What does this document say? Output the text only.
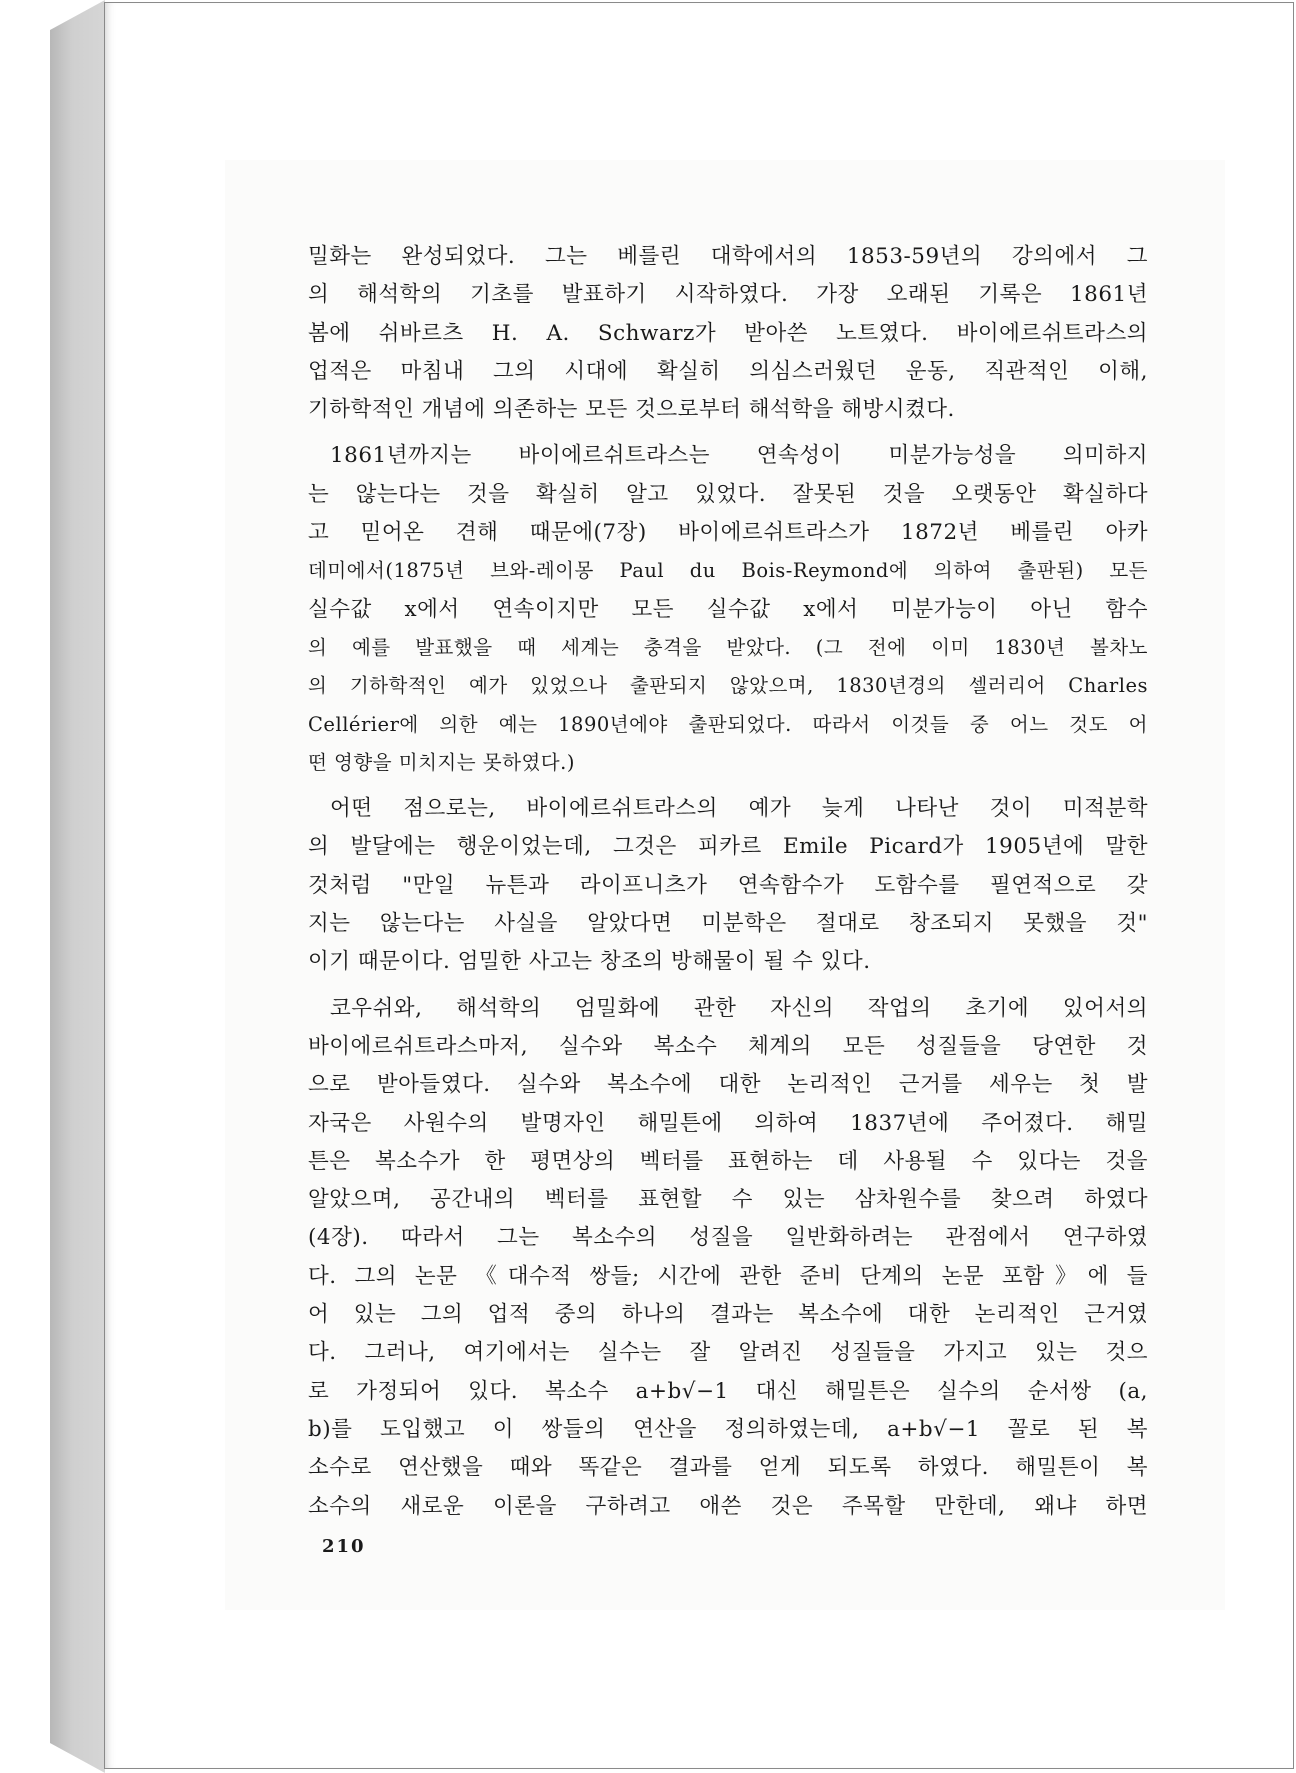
밀화는 완성되었다. 그는 베를린 대학에서의 1853-59년의 강의에서 그
의 해석학의 기초를 발표하기 시작하였다. 가장 오래된 기록은 1861년
봄에 쉬바르츠 H. A. Schwarz가 받아쓴 노트였다. 바이에르쉬트라스의
업적은 마침내 그의 시대에 확실히 의심스러웠던 운동, 직관적인 이해,
기하학적인 개념에 의존하는 모든 것으로부터 해석학을 해방시켰다.

1861년까지는 바이에르쉬트라스는 연속성이 미분가능성을 의미하지
는 않는다는 것을 확실히 알고 있었다. 잘못된 것을 오랫동안 확실하다
고 믿어온 견해 때문에(7장) 바이에르쉬트라스가 1872년 베를린 아카
데미에서(1875년 브와-레이몽 Paul du Bois-Reymond에 의하여 출판된) 모든
실수값 x에서 연속이지만 모든 실수값 x에서 미분가능이 아닌 함수
의 예를 발표했을 때 세계는 충격을 받았다. (그 전에 이미 1830년 볼차노
의 기하학적인 예가 있었으나 출판되지 않았으며, 1830년경의 셀러리어 Charles
Cellérier에 의한 예는 1890년에야 출판되었다. 따라서 이것들 중 어느 것도 어
떤 영향을 미치지는 못하였다.)

어떤 점으로는, 바이에르쉬트라스의 예가 늦게 나타난 것이 미적분학
의 발달에는 행운이었는데, 그것은 피카르 Emile Picard가 1905년에 말한
것처럼 "만일 뉴튼과 라이프니츠가 연속함수가 도함수를 필연적으로 갖
지는 않는다는 사실을 알았다면 미분학은 절대로 창조되지 못했을 것"
이기 때문이다. 엄밀한 사고는 창조의 방해물이 될 수 있다.

코우쉬와, 해석학의 엄밀화에 관한 자신의 작업의 초기에 있어서의
바이에르쉬트라스마저, 실수와 복소수 체계의 모든 성질들을 당연한 것
으로 받아들였다. 실수와 복소수에 대한 논리적인 근거를 세우는 첫 발
자국은 사원수의 발명자인 해밀튼에 의하여 1837년에 주어졌다. 해밀
튼은 복소수가 한 평면상의 벡터를 표현하는 데 사용될 수 있다는 것을
알았으며, 공간내의 벡터를 표현할 수 있는 삼차원수를 찾으려 하였다
(4장). 따라서 그는 복소수의 성질을 일반화하려는 관점에서 연구하였
다. 그의 논문 《대수적 쌍들; 시간에 관한 준비 단계의 논문 포함》에 들
어 있는 그의 업적 중의 하나의 결과는 복소수에 대한 논리적인 근거였
다. 그러나, 여기에서는 실수는 잘 알려진 성질들을 가지고 있는 것으
로 가정되어 있다. 복소수 a+b√−1 대신 해밀튼은 실수의 순서쌍 (a,
b)를 도입했고 이 쌍들의 연산을 정의하였는데, a+b√−1 꼴로 된 복
소수로 연산했을 때와 똑같은 결과를 얻게 되도록 하였다. 해밀튼이 복
소수의 새로운 이론을 구하려고 애쓴 것은 주목할 만한데, 왜냐 하면

210
